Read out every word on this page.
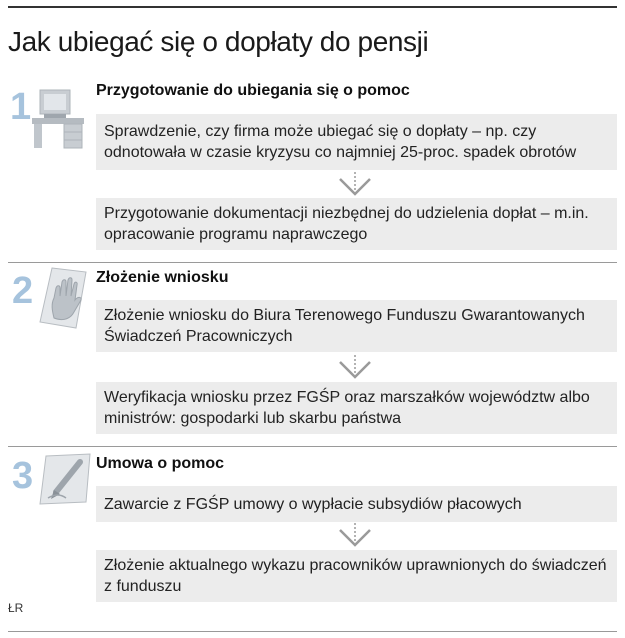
Jak ubiegać się o dopłaty do pensji
1	Przygotowanie do ubiegania się o pomoc
Sprawdzenie, czy firma może ubiegać się o dopłaty – np. czy odnotowała w czasie kryzysu co najmniej 25-proc. spadek obrotów
Przygotowanie dokumentacji niezbędnej do udzielenia dopłat – m.in. opracowanie programu naprawczego
2	Złożenie wniosku
Złożenie wniosku do Biura Terenowego Funduszu Gwarantowanych Świadczeń Pracowniczych
Weryfikacja wniosku przez FGŚP oraz marszałków województw albo ministrów: gospodarki lub skarbu państwa
3	Umowa o pomoc
Zawarcie z FGŚP umowy o wypłacie subsydiów płacowych
Złożenie aktualnego wykazu pracowników uprawnionych do świadczeń z funduszu
ŁR
